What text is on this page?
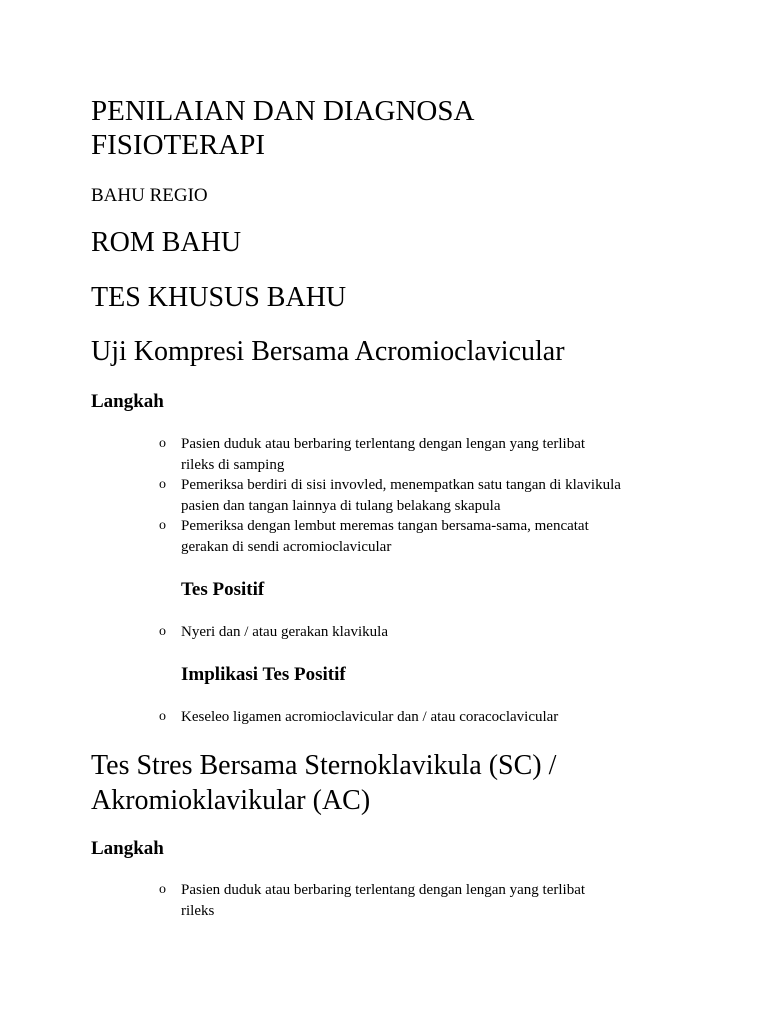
PENILAIAN DAN DIAGNOSA
FISIOTERAPI
BAHU REGIO
ROM BAHU
TES KHUSUS BAHU
Uji Kompresi Bersama Acromioclavicular
Langkah
o Pasien duduk atau berbaring terlentang dengan lengan yang terlibat
rileks di samping
o Pemeriksa berdiri di sisi invovled, menempatkan satu tangan di klavikula
pasien dan tangan lainnya di tulang belakang skapula
o Pemeriksa dengan lembut meremas tangan bersama-sama, mencatat
gerakan di sendi acromioclavicular
Tes Positif
o Nyeri dan / atau gerakan klavikula
Implikasi Tes Positif
o Keseleo ligamen acromioclavicular dan / atau coracoclavicular
Tes Stres Bersama Sternoklavikula (SC) /
Akromioklavikular (AC)
Langkah
o Pasien duduk atau berbaring terlentang dengan lengan yang terlibat
rileks
